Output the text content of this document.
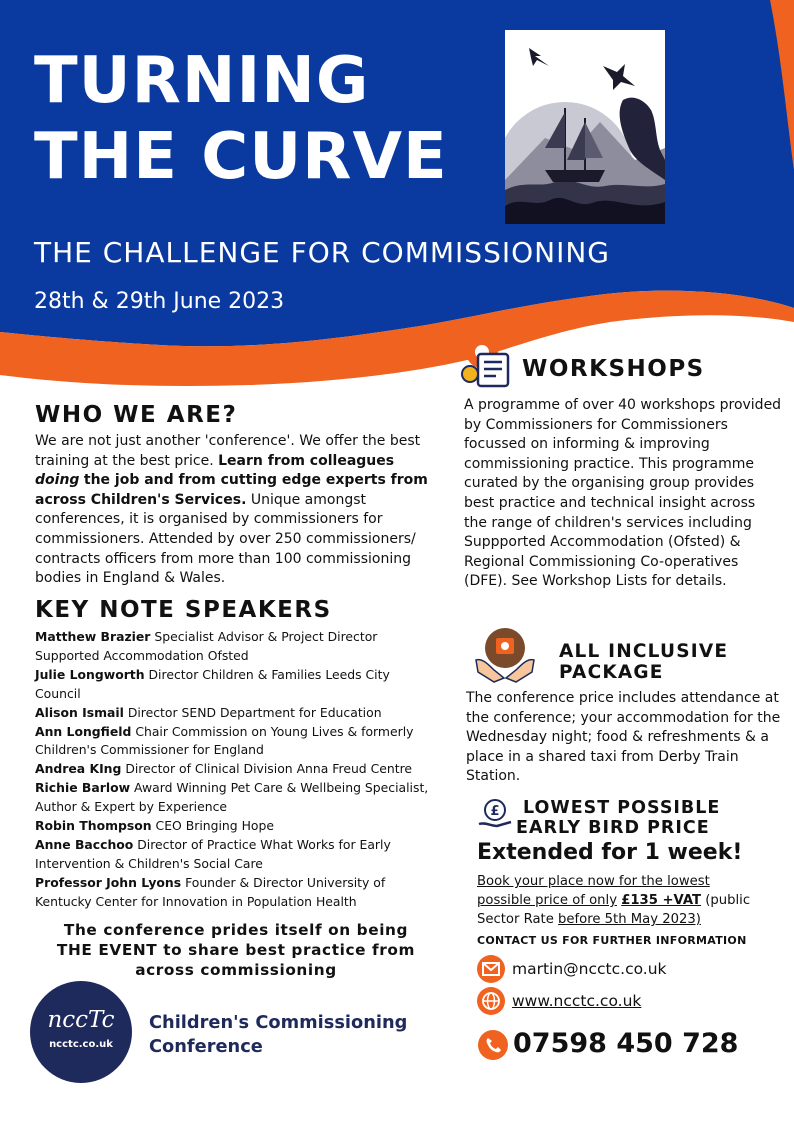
TURNING
THE CURVE
THE CHALLENGE FOR COMMISSIONING
28th & 29th June 2023
WHO WE ARE?
We are not just another 'conference'. We offer the best training at the best price. Learn from colleagues doing the job and from cutting edge experts from across Children's Services. Unique amongst conferences, it is organised by commissioners for commissioners. Attended by over 250 commissioners/ contracts officers from more than 100 commissioning bodies in England & Wales.
KEY NOTE SPEAKERS
Matthew Brazier Specialist Advisor & Project Director Supported Accommodation Ofsted
Julie Longworth Director Children & Families Leeds City Council
Alison Ismail Director SEND Department for Education
Ann Longfield Chair Commission on Young Lives & formerly Children's Commissioner for England
Andrea KIng Director of Clinical Division Anna Freud Centre
Richie Barlow Award Winning Pet Care & Wellbeing Specialist, Author & Expert by Experience
Robin Thompson CEO Bringing Hope
Anne Bacchoo Director of Practice What Works for Early Intervention & Children's Social Care
Professor John Lyons Founder & Director University of Kentucky Center for Innovation in Population Health
The conference prides itself on being
THE EVENT to share best practice from
across commissioning
nccTc
ncctc.co.uk
Children's Commissioning
Conference
WORKSHOPS
A programme of over 40 workshops provided by Commissioners for Commissioners focussed on informing & improving commissioning practice. This programme curated by the organising group provides best practice and technical insight across the range of children's services including Suppported Accommodation (Ofsted) & Regional Commissioning Co-operatives (DFE). See Workshop Lists for details.
ALL INCLUSIVE
PACKAGE
The conference price includes attendance at the conference; your accommodation for the Wednesday night; food & refreshments & a place in a shared taxi from Derby Train Station.
£	LOWEST POSSIBLE
EARLY BIRD PRICE
Extended for 1 week!
Book your place now for the lowest
possible price of only £135 +VAT (public
Sector Rate before 5th May 2023)
CONTACT US FOR FURTHER INFORMATION
martin@ncctc.co.uk
www.ncctc.co.uk
07598 450 728
